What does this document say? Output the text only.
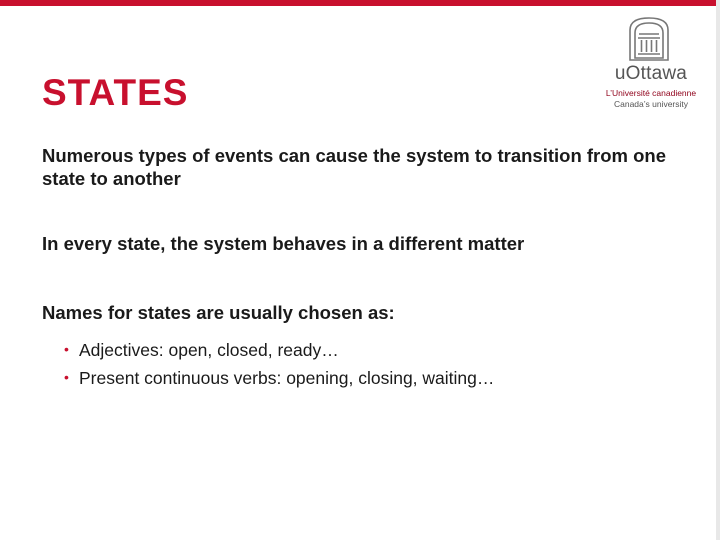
STATES	uOttawa
L’Université canadienne
Canada’s university

Numerous types of events can cause the system to transition from one state to another

In every state, the system behaves in a different matter

Names for states are usually chosen as:

• Adjectives: open, closed, ready…
• Present continuous verbs: opening, closing, waiting…
